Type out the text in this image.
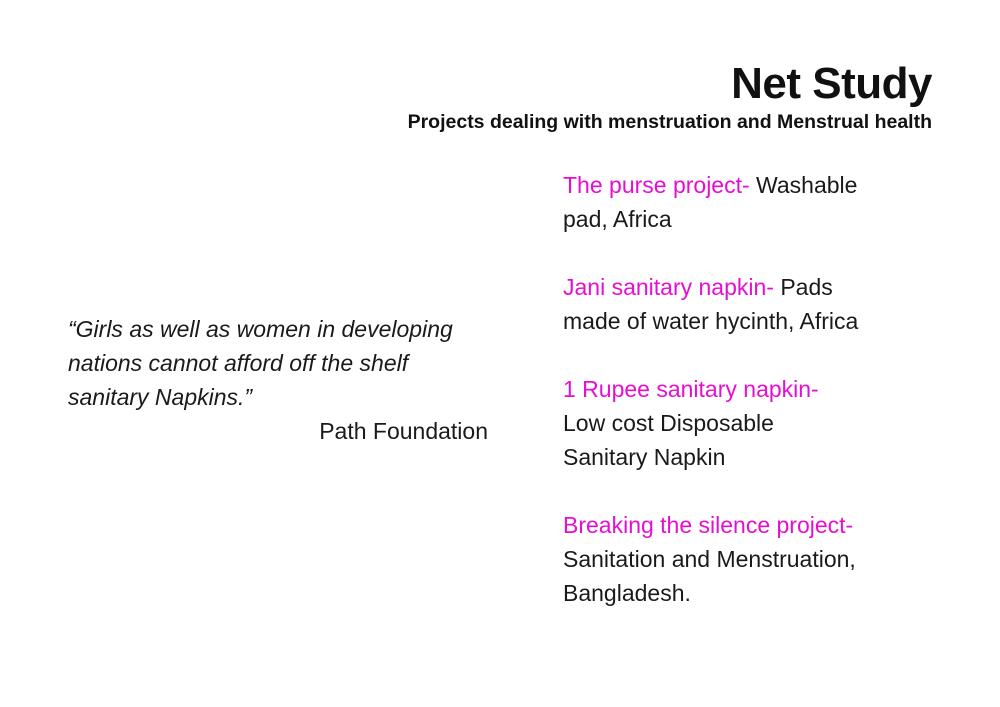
Net Study
Projects dealing with menstruation and Menstrual health

“Girls as well as women in developing
nations cannot afford off the shelf
sanitary Napkins.”

Path Foundation

The purse project- Washable
pad, Africa

Jani sanitary napkin- Pads
made of water hycinth, Africa

1 Rupee sanitary napkin-
Low cost Disposable
Sanitary Napkin

Breaking the silence project-
Sanitation and Menstruation,
Bangladesh.
